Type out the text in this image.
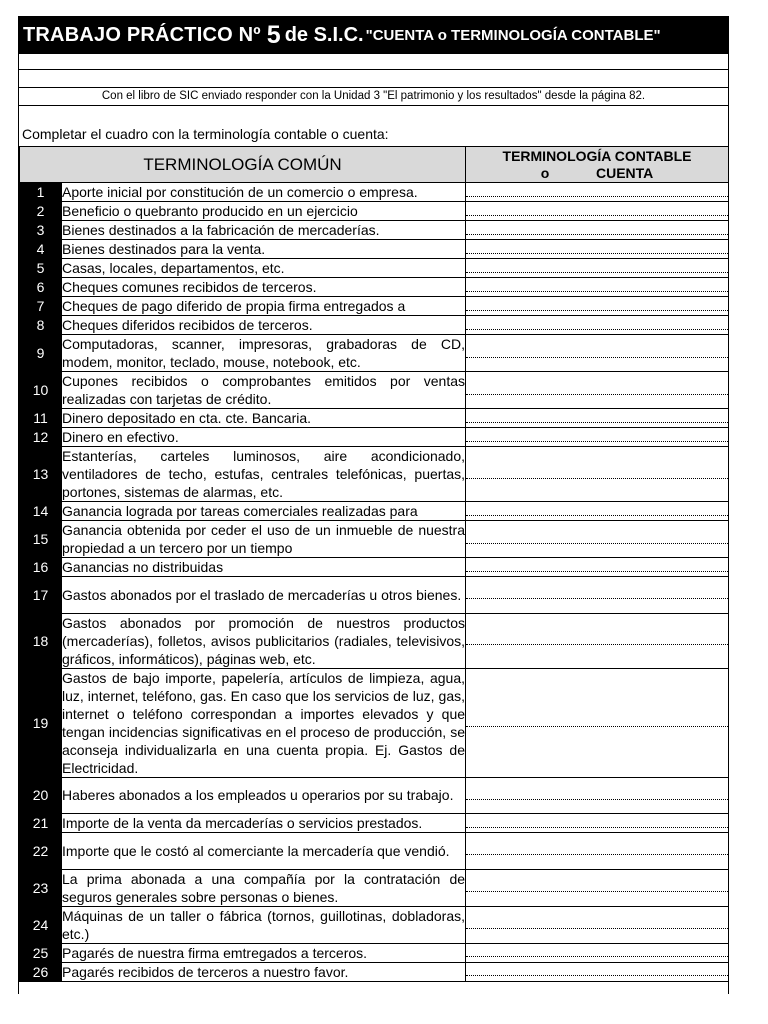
TRABAJO PRÁCTICO Nº 5 de S.I.C. "CUENTA o TERMINOLOGÍA CONTABLE"
Con el libro de SIC enviado responder con la Unidad 3 "El patrimonio y los resultados" desde la página 82.
Completar el cuadro con la terminología contable o cuenta:
TERMINOLOGÍA COMÚN		TERMINOLOGÍA CONTABLE
o            CUENTA

1	Aporte inicial por constitución de un comercio o empresa.	

2	Beneficio o quebranto producido en un ejercicio	

3	Bienes destinados a la fabricación de mercaderías.	

4	Bienes destinados para la venta.	

5	Casas, locales, departamentos, etc.	

6	Cheques comunes recibidos de terceros.	

7	Cheques de pago diferido de propia firma entregados a	

8	Cheques diferidos recibidos de terceros.	

9	Computadoras, scanner, impresoras, grabadoras de CD, modem, monitor, teclado, mouse, notebook, etc.	

10	Cupones recibidos o comprobantes emitidos por ventas realizadas con tarjetas de crédito.	

11	Dinero depositado en cta. cte. Bancaria.	

12	Dinero en efectivo.	

13	Estanterías, carteles luminosos, aire acondicionado, ventiladores de techo, estufas, centrales telefónicas, puertas, portones, sistemas de alarmas, etc.	

14	Ganancia lograda por tareas comerciales realizadas para	

15	Ganancia obtenida por ceder el uso de un inmueble de nuestra propiedad a un tercero por un tiempo	

16	Ganancias no distribuidas	

17	Gastos abonados por el traslado de mercaderías u otros bienes.	

18	Gastos abonados por promoción de nuestros productos (mercaderías), folletos, avisos publicitarios (radiales, televisivos, gráficos, informáticos), páginas web, etc.	

19	Gastos de bajo importe, papelería, artículos de limpieza, agua, luz, internet, teléfono, gas. En caso que los servicios de luz, gas, internet o teléfono correspondan a importes elevados y que tengan incidencias significativas en el proceso de producción, se aconseja individualizarla en una cuenta propia. Ej. Gastos de Electricidad.	

20	Haberes abonados a los empleados u operarios por su trabajo.	

21	Importe de la venta da mercaderías o servicios prestados.	

22	Importe que le costó al comerciante la mercadería que vendió.	

23	La prima abonada a una compañía por la contratación de seguros generales sobre personas o bienes.	

24	Máquinas de un taller o fábrica (tornos, guillotinas, dobladoras, etc.)	

25	Pagarés de nuestra firma emtregados a terceros.	

26	Pagarés recibidos de terceros a nuestro favor.	
